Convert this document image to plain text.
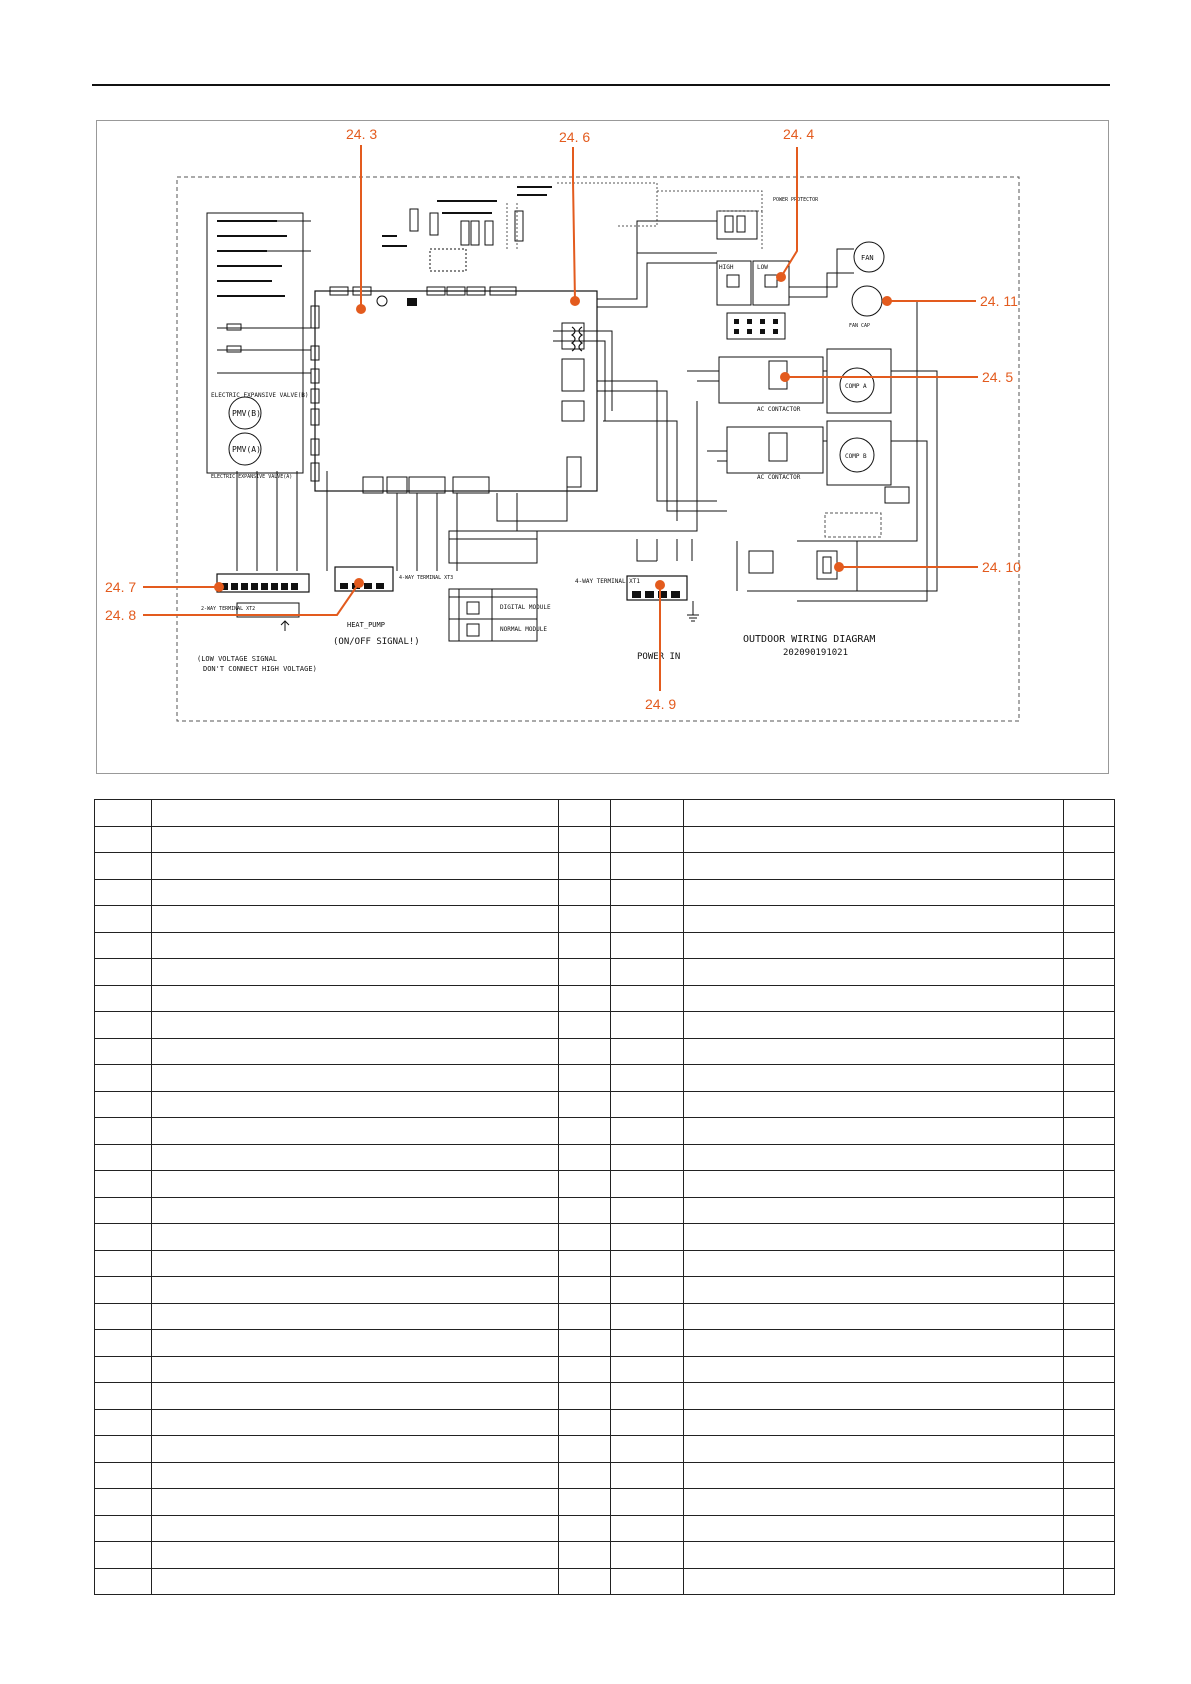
ELECTRIC EXPANSIVE VALVE(B)
PMV(B)
PMV(A)
ELECTRIC EXPANSIVE VALVE(A)
POWER PROTECTOR
HIGH	LOW
FAN
FAN CAP
AC CONTACTOR
COMP A
AC CONTACTOR
COMP B
2-WAY TERMINAL XT2
4-WAY TERMINAL XT3
HEAT_PUMP
(ON/OFF SIGNAL!)
(LOW VOLTAGE SIGNAL
DON'T CONNECT HIGH VOLTAGE)
DIGITAL MODULE
NORMAL MODULE
4-WAY TERMINAL XT1
POWER IN
OUTDOOR WIRING DIAGRAM
202090191021
24. 3	24. 6	24. 4
24. 11
24. 5
24. 10
24. 9
24. 7
24. 8
